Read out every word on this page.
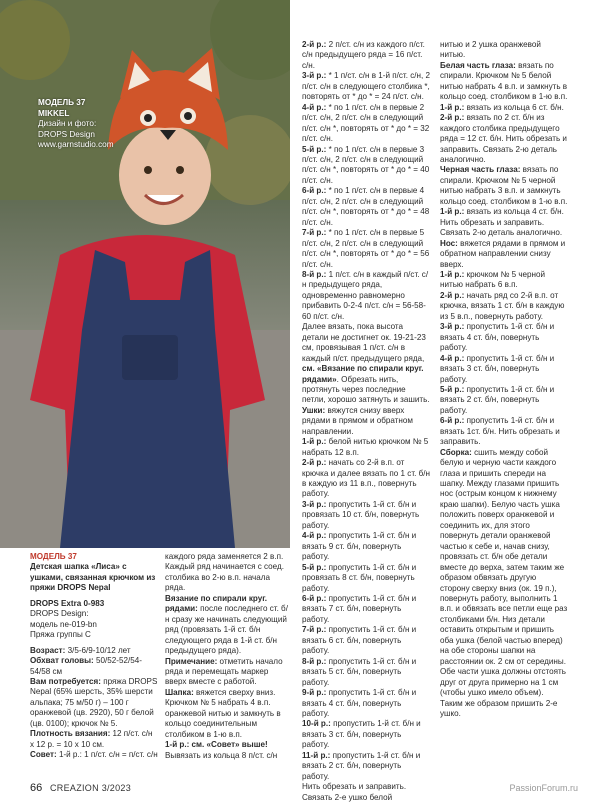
МОДЕЛЬ 37
MIKKEL
Дизайн и фото:
DROPS Design
www.garnstudio.com

МОДЕЛЬ 37

Детская шапка «Лиса» с ушками, связанная крючком из пряжи DROPS Nepal

DROPS Extra 0-983

DROPS Design:

модель ne-019-bn

Пряжа группы C

Возраст: 3/5-6/9-10/12 лет

Обхват головы: 50/52-52/54-54/58 см

Вам потребуется: пряжа DROPS Nepal (65% шерсть, 35% шерсти альпака; 75 м/50 г) – 100 г оранжевой (цв. 2920), 50 г белой (цв. 0100); крючок № 5.

Плотность вязания: 12 п/ст. с/н х 12 р. = 10 х 10 см.

Совет: 1-й р.: 1 п/ст. с/н = п/ст. с/н

каждого ряда заменяется 2 в.п. Каждый ряд начинается с соед. столбика во 2-ю в.п. начала ряда.

Вязание по спирали круг. рядами: после последнего ст. б/н сразу же начинать следующий ряд (провязать 1-й ст. б/н следующего ряда в 1-й ст. б/н предыдущего ряда).

Примечание: отметить начало ряда и перемещать маркер вверх вместе с работой.

Шапка: вяжется сверху вниз. Крючком № 5 набрать 4 в.п. оранжевой нитью и замкнуть в кольцо соединительным столбиком в 1-ю в.п.

1-й р.: см. «Совет» выше! Вывязать из кольца 8 п/ст. с/н

2-й р.: 2 п/ст. с/н из каждого п/ст. с/н предыдущего ряда = 16 п/ст. с/н.

3-й р.: * 1 п/ст. с/н в 1-й п/ст. с/н, 2 п/ст. с/н в следующего столбика *, повторять от * до * = 24 п/ст. с/н.

4-й р.: * по 1 п/ст. с/н в первые 2 п/ст. с/н, 2 п/ст. с/н в следующий п/ст. с/н *, повторять от * до * = 32 п/ст. с/н.

5-й р.: * по 1 п/ст. с/н в первые 3 п/ст. с/н, 2 п/ст. с/н в следующий п/ст. с/н *, повторять от * до * = 40 п/ст. с/н.

6-й р.: * по 1 п/ст. с/н в первые 4 п/ст. с/н, 2 п/ст. с/н в следующий п/ст. с/н *, повторять от * до * = 48 п/ст. с/н.

7-й р.: * по 1 п/ст. с/н в первые 5 п/ст. с/н, 2 п/ст. с/н в следующий п/ст. с/н *, повторять от * до * = 56 п/ст. с/н.

8-й р.: 1 п/ст. с/н в каждый п/ст. с/н предыдущего ряда, одновременно равномерно прибавить 0-2-4 п/ст. с/н = 56-58-60 п/ст. с/н.

Далее вязать, пока высота детали не достигнет ок. 19-21-23 см, провязывая 1 п/ст. с/н в каждый п/ст. предыдущего ряда, см. «Вязание по спирали круг. рядами». Обрезать нить, протянуть через последние петли, хорошо затянуть и зашить.

Ушки: вяжутся снизу вверх рядами в прямом и обратном направлении.

1-й р.: белой нитью крючком № 5 набрать 12 в.п.

2-й р.: начать со 2-й в.п. от крючка и далее вязать по 1 ст. б/н в каждую из 11 в.п., повернуть работу.

3-й р.: пропустить 1-й ст. б/н и провязать 10 ст. б/н, повернуть работу.

4-й р.: пропустить 1-й ст. б/н и вязать 9 ст. б/н, повернуть работу.

5-й р.: пропустить 1-й ст. б/н и провязать 8 ст. б/н, повернуть работу.

6-й р.: пропустить 1-й ст. б/н и вязать 7 ст. б/н, повернуть работу.

7-й р.: пропустить 1-й ст. б/н и вязать 6 ст. б/н, повернуть работу.

8-й р.: пропустить 1-й ст. б/н и вязать 5 ст. б/н, повернуть работу.

9-й р.: пропустить 1-й ст. б/н и вязать 4 ст. б/н, повернуть работу.

10-й р.: пропустить 1-й ст. б/н и вязать 3 ст. б/н, повернуть работу.

11-й р.: пропустить 1-й ст. б/н и вязать 2 ст. б/н, повернуть работу.

Нить обрезать и заправить. Связать 2-е ушко белой

нитью и 2 ушка оранжевой нитью.

Белая часть глаза: вязать по спирали. Крючком № 5 белой нитью набрать 4 в.п. и замкнуть в кольцо соед. столбиком в 1-ю в.п.

1-й р.: вязать из кольца 6 ст. б/н.

2-й р.: вязать по 2 ст. б/н из каждого столбика предыдущего ряда = 12 ст. б/н. Нить обрезать и заправить. Связать 2-ю деталь аналогично.

Черная часть глаза: вязать по спирали. Крючком № 5 черной нитью набрать 3 в.п. и замкнуть кольцо соед. столбиком в 1-ю в.п.

1-й р.: вязать из кольца 4 ст. б/н. Нить обрезать и заправить. Связать 2-ю деталь аналогично.

Нос: вяжется рядами в прямом и обратном направлении снизу вверх.

1-й р.: крючком № 5 черной нитью набрать 6 в.п.

2-й р.: начать ряд со 2-й в.п. от крючка, вязать 1 ст. б/н в каждую из 5 в.п., повернуть работу.

3-й р.: пропустить 1-й ст. б/н и вязать 4 ст. б/н, повернуть работу.

4-й р.: пропустить 1-й ст. б/н и вязать 3 ст. б/н, повернуть работу.

5-й р.: пропустить 1-й ст. б/н и вязать 2 ст. б/н, повернуть работу.

6-й р.: пропустить 1-й ст. б/н и вязать 1ст. б/н. Нить обрезать и заправить.

Сборка: сшить между собой белую и черную части каждого глаза и пришить спереди на шапку. Между глазами пришить нос (острым концом к нижнему краю шапки). Белую часть ушка положить поверх оранжевой и соединить их, для этого повернуть детали оранжевой частью к себе и, начав снизу, провязать ст. б/н обе детали вместе до верха, затем таким же образом обвязать другую сторону сверху вниз (ок. 19 п.), повернуть работу, выполнить 1 в.п. и обвязать все петли еще раз столбиками б/н. Низ детали оставить открытым и пришить оба ушка (белой частью вперед) на обе стороны шапки на расстоянии ок. 2 см от середины. Обе части ушка должны отстоять друг от друга примерно на 1 см (чтобы ушко имело объем). Таким же образом пришить 2-е ушко.

66 CREAZION 3/2023	PassionForum.ru
